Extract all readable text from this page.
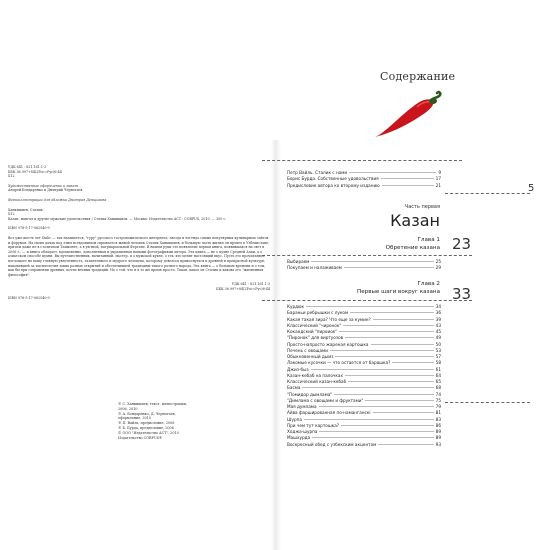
УДК 641 : 821.161.1-3
ББК 36.997+84(2Рос=Рус)6-44
Х12
Художественное оформление и макет
Андрей Бондаренко и Дмитрий Черногаев
Фотоиллюстрации для обложки Дмитрия Денщикова
Ханкишиев, Сталик.
Х12
Казан, мангал и другие мужские удовольствия / Сталик Ханкишиев. — Москва: Издательство АСТ : CORPUS, 2010. — 300 с.
ISBN 978-5-17-062540-9
Вот уже шесть лет Stalic — так называется, "гуру" русского гастрономического интернета, звезда и легенда самых популярных кулинарных сайтов и форумов. На своих дачах под этим псевдонимом скрывается живой человек Сталик Ханкишиев, и большую часть жизни он провел в Узбекистане, причем даже не в столичном Ташкенте, а в уютной, патриархальной Фергане. В нашем руки это появление первая книга, появившаяся на свет в 2006 г., — и книга обладает, вдохновенно, дополненная и украшенная новыми фотографиями автора. Эта книга — не о кухне Средней Азии, а о азиатском способе кухни. Вы путешественник, начитанный, мастер, и о мужской кухне, о тех, кто ценит настоящий вкус. Пусть это прочитанное поглощает на вашу главную увлеченность, талантливого и мудрого человека, которому довелось прикоснуться к древней и прекрасной культуре, накопившей за тысячелетия таких разных открытий и обеспечившей традициям такого разного народа. Эта книга — о большом времени и о том, как бы при сохранении древних, почти вечных традиций. Но о той, что и в то же время просто. Такая, какое он Сталик и какова его "жизненная философия".
УДК 641 : 821.161.1-3
ББК 36.997+84(2Рос=Рус)6-44
ISBN 978-5-17-062540-9
© С. Ханкишиев, текст, иллюстрации,
2006, 2010
© А. Бондаренко, Д. Черногаев,
оформление, 2010
© П. Вайль, предисловие, 2006
© Б. Бурда, предисловие, 2006
© ООО "Издательство АСТ", 2010
Издательство CORPUS®
Содержание
5
Петр Вайль. Сталик с нами	9
Борис Бурда. Собственные удовольствия	17
Предисловие автора ко второму изданию	21
Часть первая
Казан
Глава 1
Обретение казана 23
Выбираем	25
Покупаем и налаживаем	29
Глава 2
Первые шаги вокруг казана 33
Курдюк	34
Бараньи ребрышки с луком	36
Какая такая зира? Что еще за кумин?	39
Классический "чиронок"	43
Кокандский "пироиок"	45
"Пиронок" для виртуозов	49
Просто-напросто жареная картошка	50
Печень с овощами	53
Обыкновенный дымз	57
Лакомые кусочки — что остается от барашка?	58
Джиз-быз	61
Казан-кебаб на палочках	64
Классический казан-кебаб	65
Басма	68
"Помидор дымлама"	74
"Димлама с овощами и фруктами"	75
Мая думлама	79
Айва фаршированная по-наманганскі	81
Шурпа	83
При чем тут картошка?	86
Ходжа-шурпа	89
Машхурда	89
Воскресный обед с узбекским акцентом	93
